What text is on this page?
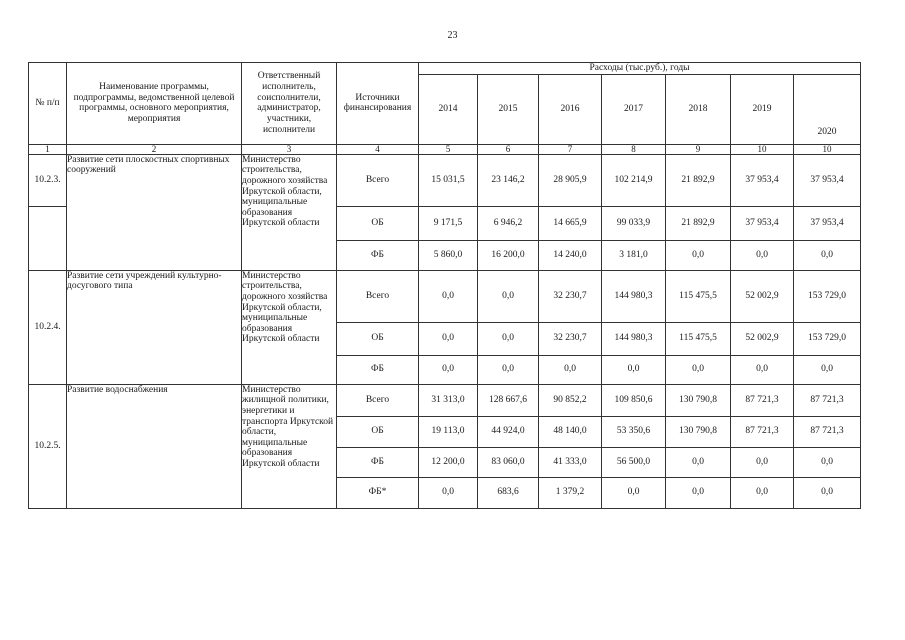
23
№ п/п	Наименование программы, подпрограммы, ведомственной целевой программы, основного мероприятия, мероприятия	Ответственный исполнитель, соисполнители, администратор, участники, исполнители	Источники финансирования	Расходы (тыс.руб.), годы						
				2014	2015	2016	2017	2018	2019	2020
1	2	3	4	5	6	7	8	9	10	10
10.2.3.	Развитие сети плоскостных спортивных сооружений	Министерство строительства, дорожного хозяйства Иркутской области, муниципальные образования Иркутской области	Всего	15 031,5	23 146,2	28 905,9	102 214,9	21 892,9	37 953,4	37 953,4
			ОБ	9 171,5	6 946,2	14 665,9	99 033,9	21 892,9	37 953,4	37 953,4
			ФБ	5 860,0	16 200,0	14 240,0	3 181,0	0,0	0,0	0,0
10.2.4.	Развитие сети учреждений культурно-досугового типа	Министерство строительства, дорожного хозяйства Иркутской области, муниципальные образования Иркутской области	Всего	0,0	0,0	32 230,7	144 980,3	115 475,5	52 002,9	153 729,0
			ОБ	0,0	0,0	32 230,7	144 980,3	115 475,5	52 002,9	153 729,0
			ФБ	0,0	0,0	0,0	0,0	0,0	0,0	0,0
10.2.5.	Развитие водоснабжения	Министерство жилищной политики, энергетики и транспорта Иркутской области, муниципальные образования Иркутской области	Всего	31 313,0	128 667,6	90 852,2	109 850,6	130 790,8	87 721,3	87 721,3
			ОБ	19 113,0	44 924,0	48 140,0	53 350,6	130 790,8	87 721,3	87 721,3
			ФБ	12 200,0	83 060,0	41 333,0	56 500,0	0,0	0,0	0,0
			ФБ*	0,0	683,6	1 379,2	0,0	0,0	0,0	0,0
